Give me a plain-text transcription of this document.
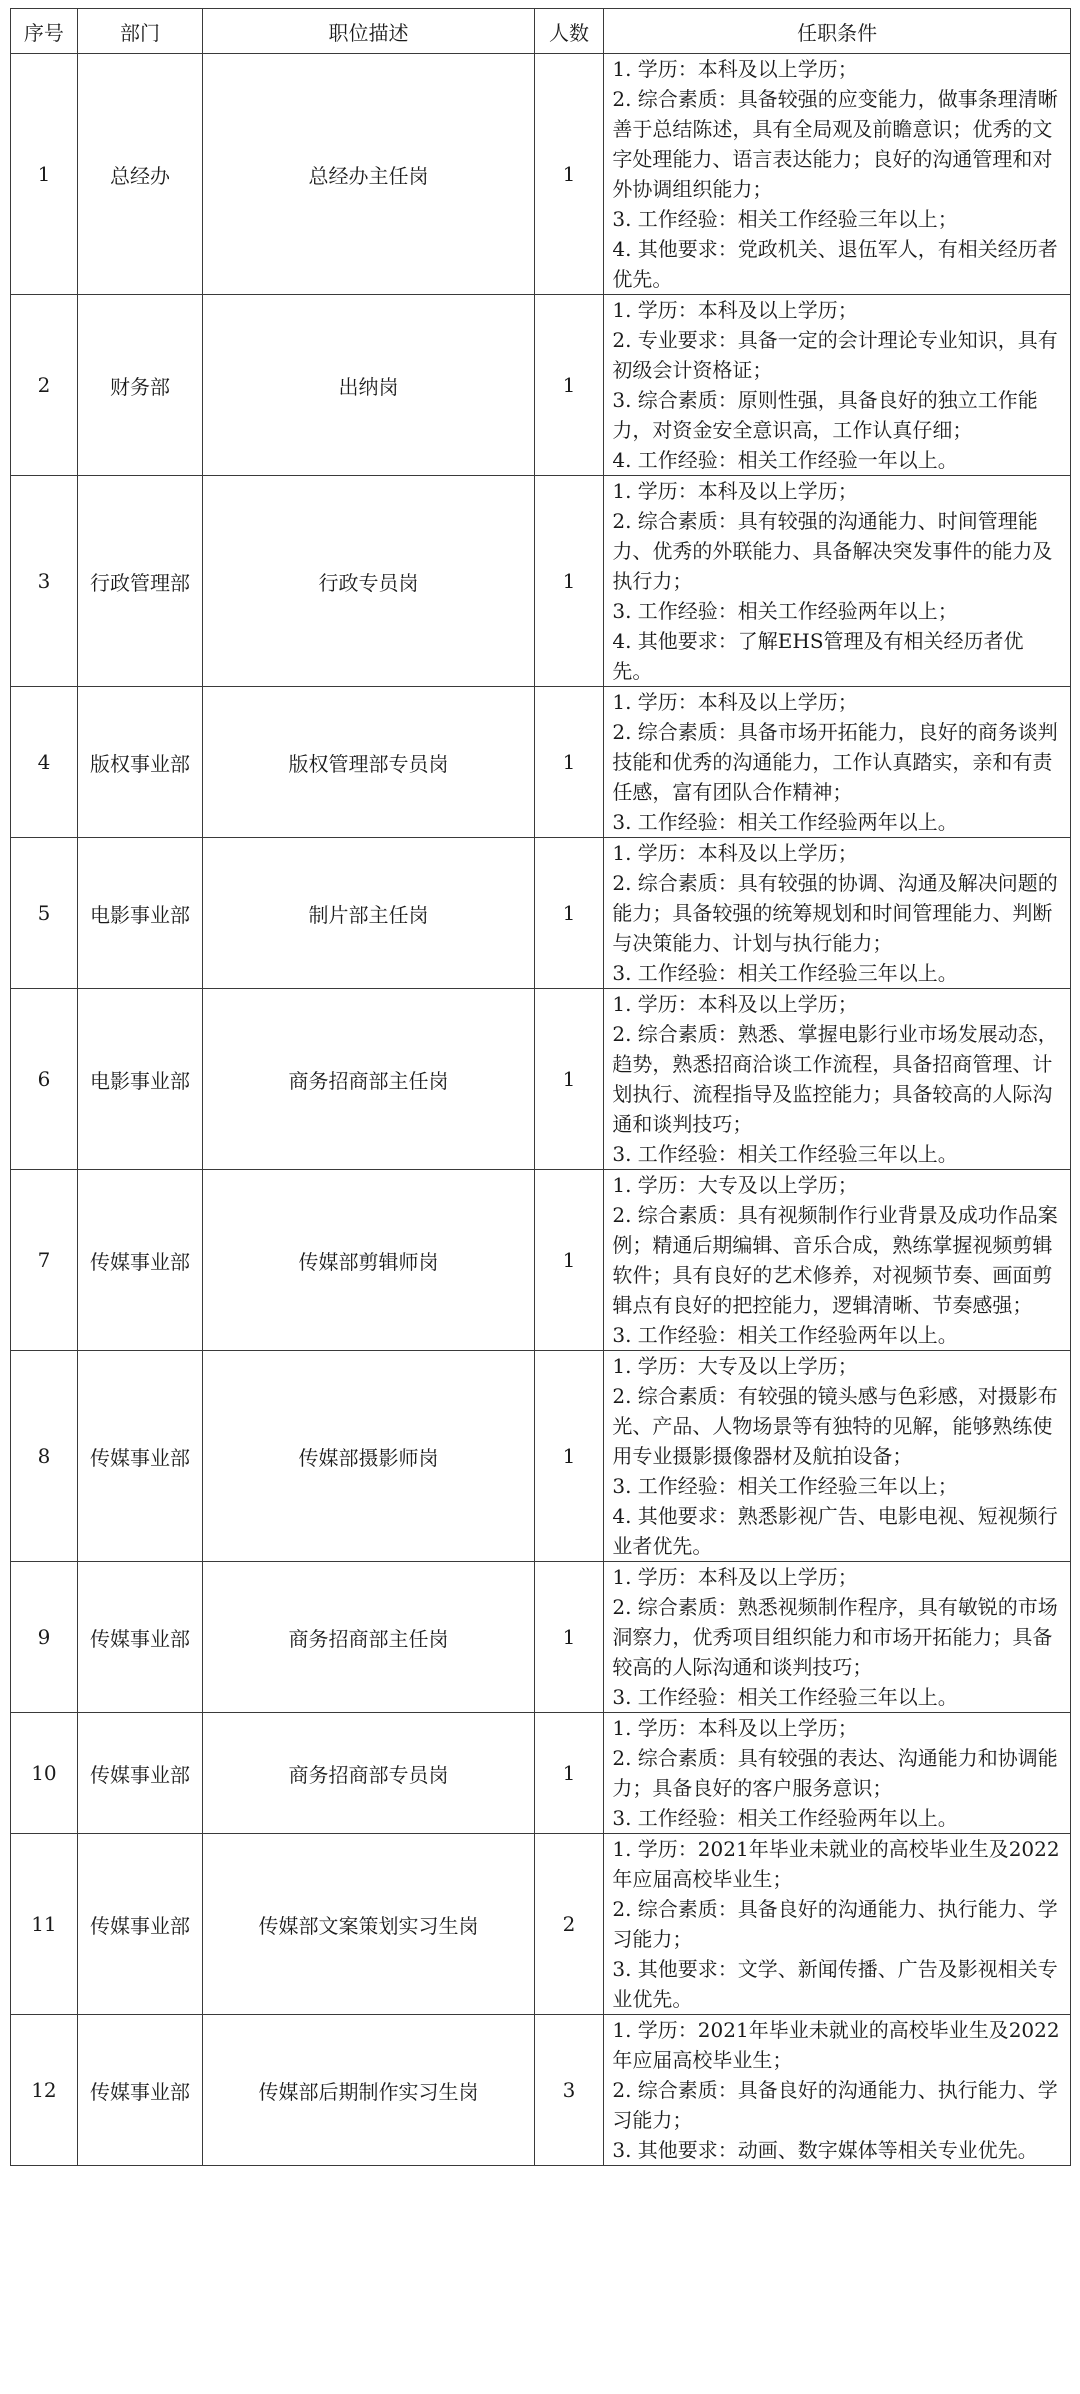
序号	部门	职位描述	人数	任职条件
1	总经办	总经办主任岗	1	1. 学历：本科及以上学历；
2. 综合素质：具备较强的应变能力，做事条理清晰善于总结陈述，具有全局观及前瞻意识；优秀的文字处理能力、语言表达能力；良好的沟通管理和对外协调组织能力；
3. 工作经验：相关工作经验三年以上；
4. 其他要求：党政机关、退伍军人，有相关经历者优先。

2	财务部	出纳岗	1	1. 学历：本科及以上学历；
2. 专业要求：具备一定的会计理论专业知识，具有初级会计资格证；
3. 综合素质：原则性强，具备良好的独立工作能力，对资金安全意识高，工作认真仔细；
4. 工作经验：相关工作经验一年以上。

3	行政管理部	行政专员岗	1	1. 学历：本科及以上学历；
2. 综合素质：具有较强的沟通能力、时间管理能力、优秀的外联能力、具备解决突发事件的能力及执行力；
3. 工作经验：相关工作经验两年以上；
4. 其他要求：了解EHS管理及有相关经历者优先。

4	版权事业部	版权管理部专员岗	1	1. 学历：本科及以上学历；
2. 综合素质：具备市场开拓能力，良好的商务谈判技能和优秀的沟通能力，工作认真踏实，亲和有责任感，富有团队合作精神；
3. 工作经验：相关工作经验两年以上。

5	电影事业部	制片部主任岗	1	1. 学历：本科及以上学历；
2. 综合素质：具有较强的协调、沟通及解决问题的能力；具备较强的统筹规划和时间管理能力、判断与决策能力、计划与执行能力；
3. 工作经验：相关工作经验三年以上。

6	电影事业部	商务招商部主任岗	1	1. 学历：本科及以上学历；
2. 综合素质：熟悉、掌握电影行业市场发展动态，趋势，熟悉招商洽谈工作流程，具备招商管理、计划执行、流程指导及监控能力；具备较高的人际沟通和谈判技巧；
3. 工作经验：相关工作经验三年以上。

7	传媒事业部	传媒部剪辑师岗	1	1. 学历：大专及以上学历；
2. 综合素质：具有视频制作行业背景及成功作品案例；精通后期编辑、音乐合成，熟练掌握视频剪辑软件；具有良好的艺术修养，对视频节奏、画面剪辑点有良好的把控能力，逻辑清晰、节奏感强；
3. 工作经验：相关工作经验两年以上。

8	传媒事业部	传媒部摄影师岗	1	1. 学历：大专及以上学历；
2. 综合素质：有较强的镜头感与色彩感，对摄影布光、产品、人物场景等有独特的见解，能够熟练使用专业摄影摄像器材及航拍设备；
3. 工作经验：相关工作经验三年以上；
4. 其他要求：熟悉影视广告、电影电视、短视频行业者优先。

9	传媒事业部	商务招商部主任岗	1	1. 学历：本科及以上学历；
2. 综合素质：熟悉视频制作程序，具有敏锐的市场洞察力，优秀项目组织能力和市场开拓能力；具备较高的人际沟通和谈判技巧；
3. 工作经验：相关工作经验三年以上。

10	传媒事业部	商务招商部专员岗	1	1. 学历：本科及以上学历；
2. 综合素质：具有较强的表达、沟通能力和协调能力；具备良好的客户服务意识；
3. 工作经验：相关工作经验两年以上。

11	传媒事业部	传媒部文案策划实习生岗	2	1. 学历：2021年毕业未就业的高校毕业生及2022年应届高校毕业生；
2. 综合素质：具备良好的沟通能力、执行能力、学习能力；
3. 其他要求：文学、新闻传播、广告及影视相关专业优先。

12	传媒事业部	传媒部后期制作实习生岗	3	1. 学历：2021年毕业未就业的高校毕业生及2022年应届高校毕业生；
2. 综合素质：具备良好的沟通能力、执行能力、学习能力；
3. 其他要求：动画、数字媒体等相关专业优先。
